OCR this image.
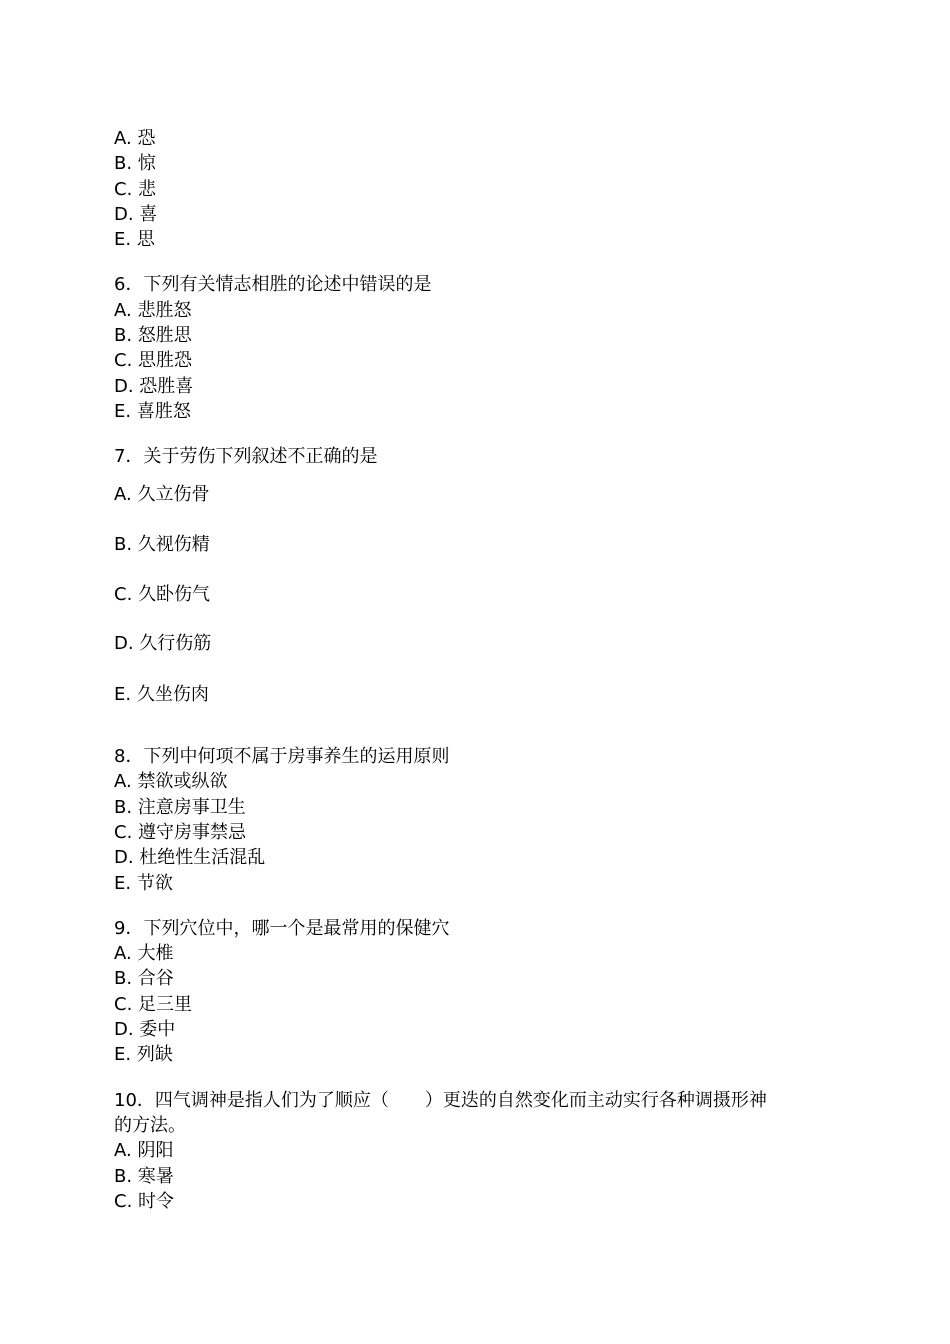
A. 恐
B. 惊
C. 悲
D. 喜
E. 思
6．下列有关情志相胜的论述中错误的是
A. 悲胜怒
B. 怒胜思
C. 思胜恐
D. 恐胜喜
E. 喜胜怒
7．关于劳伤下列叙述不正确的是
A. 久立伤骨
B. 久视伤精
C. 久卧伤气
D. 久行伤筋
E. 久坐伤肉
8．下列中何项不属于房事养生的运用原则
A. 禁欲或纵欲
B. 注意房事卫生
C. 遵守房事禁忌
D. 杜绝性生活混乱
E. 节欲
9．下列穴位中，哪一个是最常用的保健穴
A. 大椎
B. 合谷
C. 足三里
D. 委中
E. 列缺
10．四气调神是指人们为了顺应（　　）更迭的自然变化而主动实行各种调摄形神
的方法。
A. 阴阳
B. 寒暑
C. 时令
